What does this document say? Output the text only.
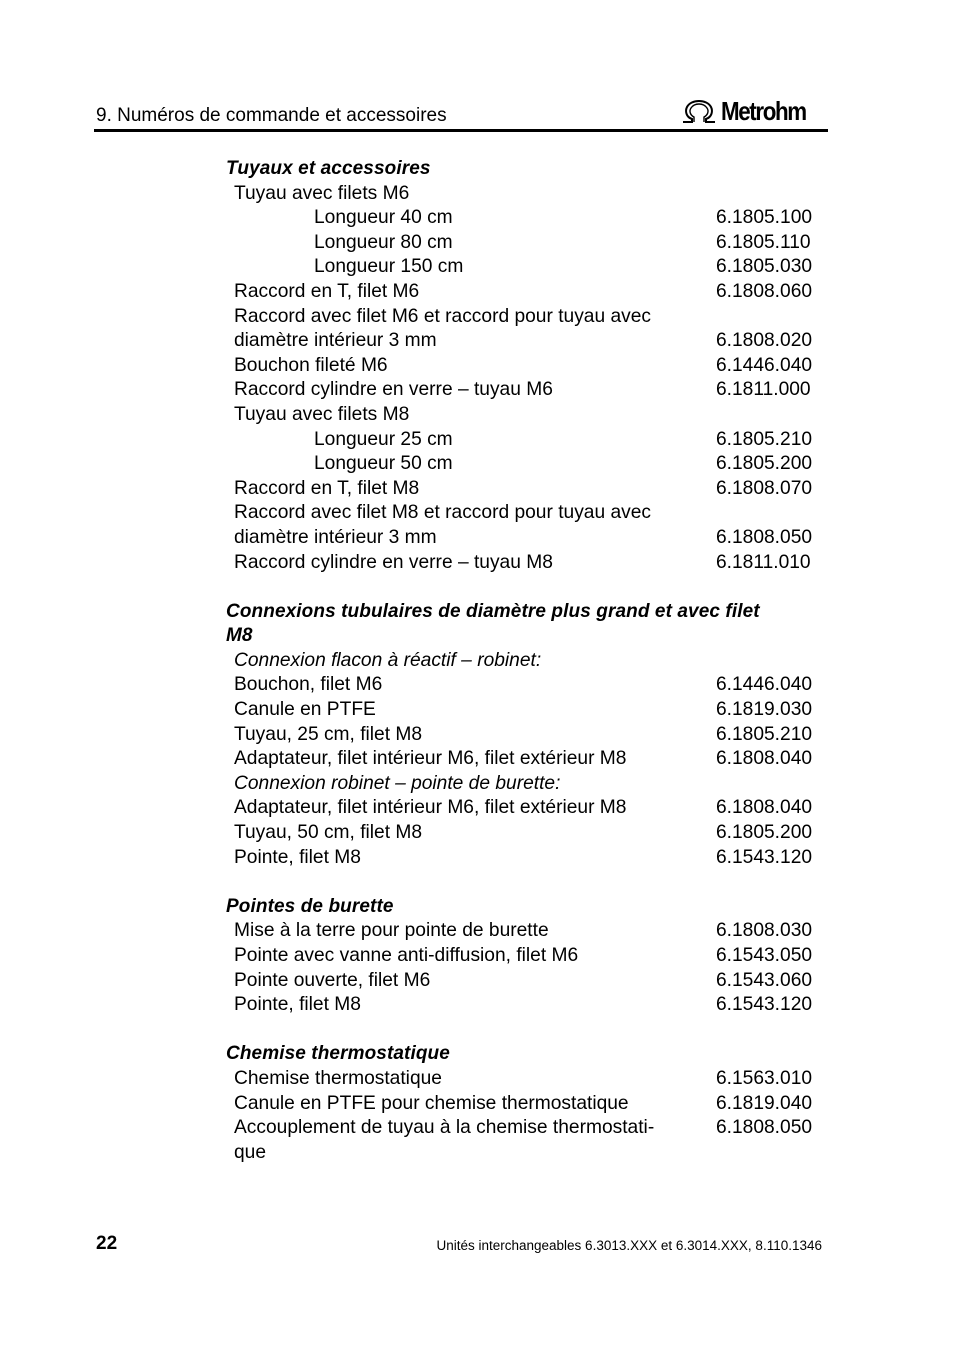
9. Numéros de commande et accessoires	Metrohm
Tuyaux et accessoires
Tuyau avec filets M6
Longueur 40 cm	6.1805.100
Longueur 80 cm	6.1805.110
Longueur 150 cm	6.1805.030
Raccord en T, filet M6	6.1808.060
Raccord avec filet M6 et raccord pour tuyau avec
diamètre intérieur 3 mm	6.1808.020
Bouchon fileté M6	6.1446.040
Raccord cylindre en verre – tuyau M6	6.1811.000
Tuyau avec filets M8
Longueur 25 cm	6.1805.210
Longueur 50 cm	6.1805.200
Raccord en T, filet M8	6.1808.070
Raccord avec filet M8 et raccord pour tuyau avec
diamètre intérieur 3 mm	6.1808.050
Raccord cylindre en verre – tuyau M8	6.1811.010
Connexions tubulaires de diamètre plus grand et avec filet M8
Connexion flacon à réactif – robinet:
Bouchon, filet M6	6.1446.040
Canule en PTFE	6.1819.030
Tuyau, 25 cm, filet M8	6.1805.210
Adaptateur, filet intérieur M6, filet extérieur M8	6.1808.040
Connexion robinet – pointe de burette:
Adaptateur, filet intérieur M6, filet extérieur M8	6.1808.040
Tuyau, 50 cm, filet M8	6.1805.200
Pointe, filet M8	6.1543.120
Pointes de burette
Mise à la terre pour pointe de burette	6.1808.030
Pointe avec vanne anti-diffusion, filet M6	6.1543.050
Pointe ouverte, filet M6	6.1543.060
Pointe, filet M8	6.1543.120
Chemise thermostatique
Chemise thermostatique	6.1563.010
Canule en PTFE pour chemise thermostatique	6.1819.040
Accouplement de tuyau à la chemise thermostati-	6.1808.050
que
22	Unités interchangeables 6.3013.XXX et 6.3014.XXX, 8.110.1346
